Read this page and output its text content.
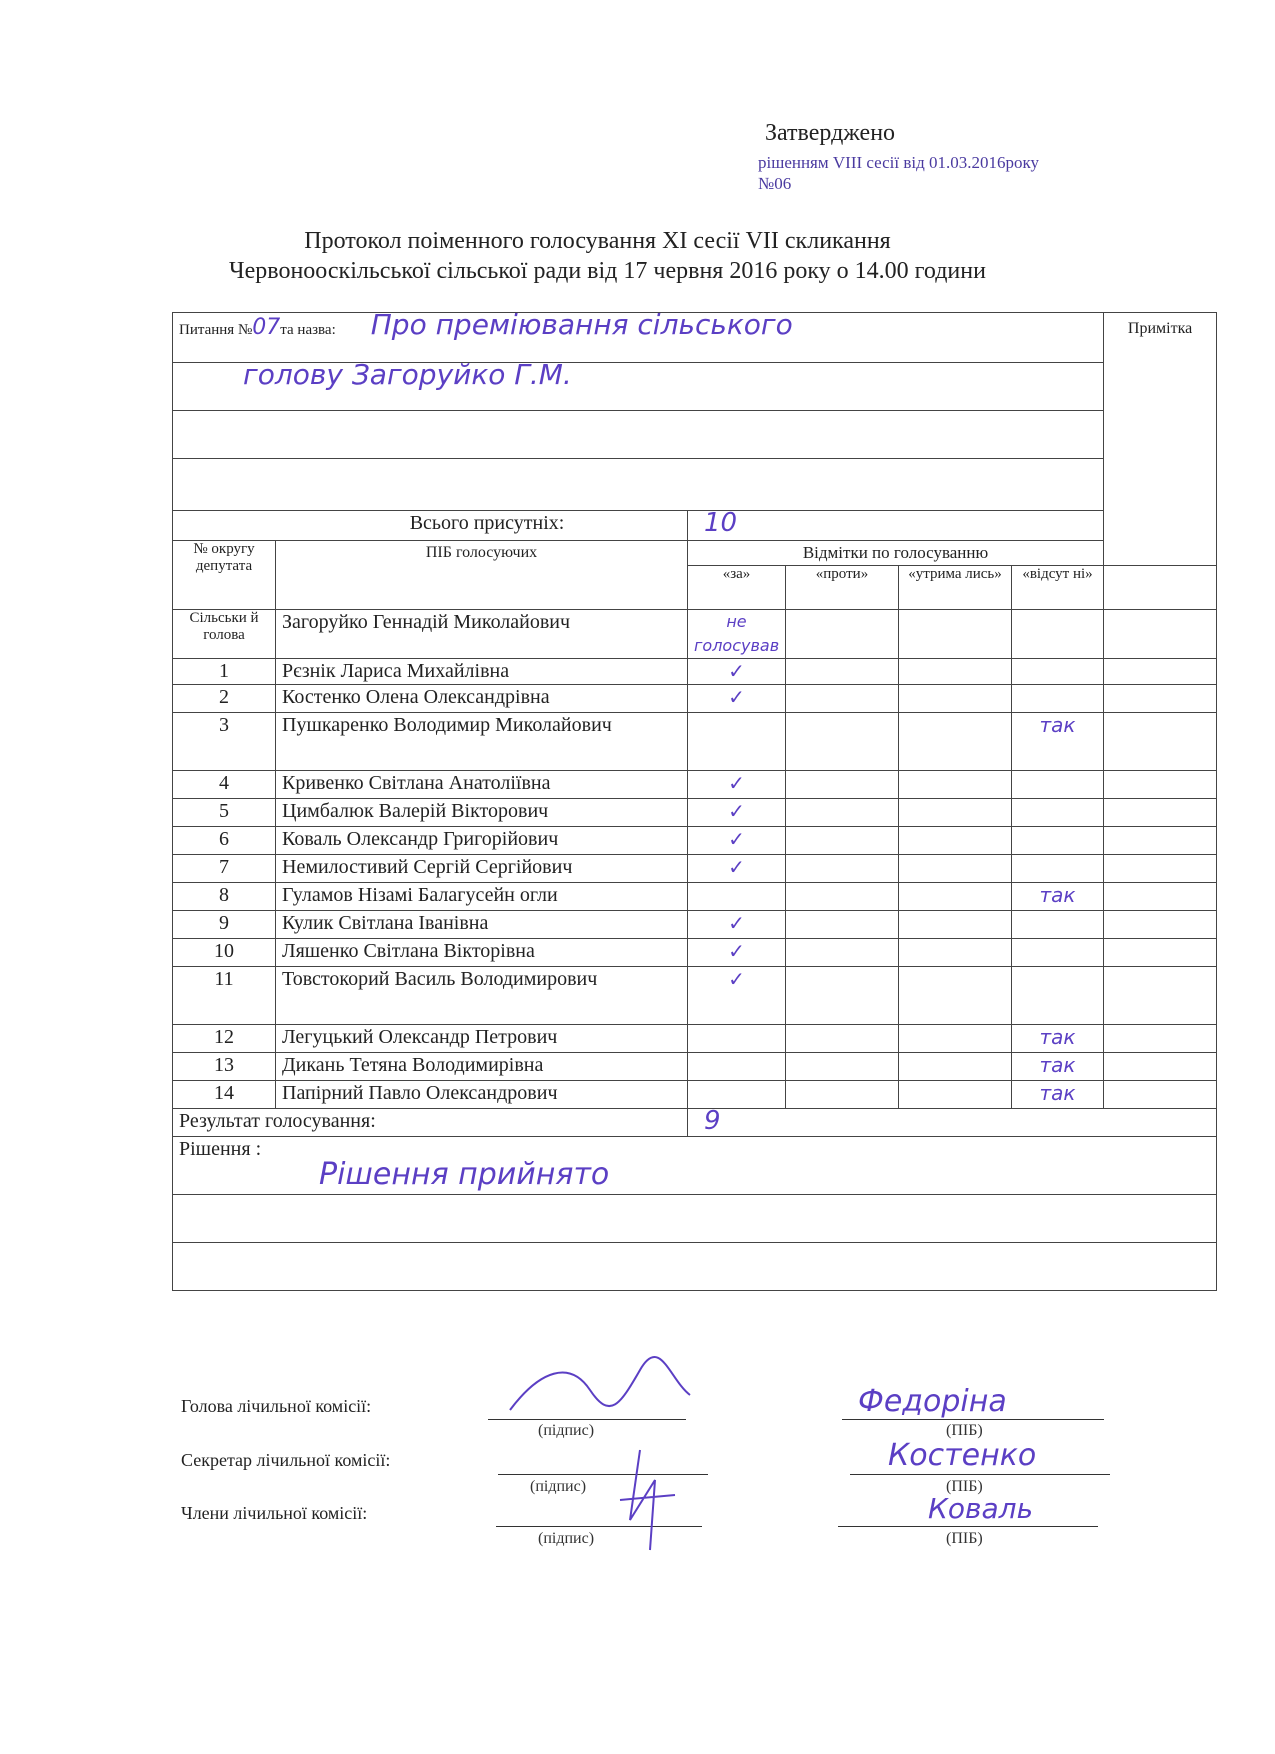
Затверджено
рішенням VIII сесії від 01.03.2016року
№06
Протокол поіменного голосування XI сесії VII скликання
Червонооскільської сільської ради від 17 червня 2016 року о 14.00 години
Питання №07та назва: Про преміювання сільського						Примітка
голову Загоруйко Г.М.						

Всього присутніх:		10				
№ округу депутата	ПІБ голосуючих	Відмітки по голосуванню				
		«за»	«проти»	«утрима лись»	«відсут ні»	
Сільськи й голова	Загоруйко Геннадій Миколайович	не голосував				
1	Рєзнік Лариса Михайлівна	✓				
2	Костенко Олена Олександрівна	✓				
3	Пушкаренко Володимир Миколайович				так	
4	Кривенко Світлана Анатоліївна	✓				
5	Цимбалюк Валерій Вікторович	✓				
6	Коваль Олександр Григорійович	✓				
7	Немилостивий Сергій Сергійович	✓				
8	Гуламов Нізамі Балагусейн огли				так	
9	Кулик Світлана Іванівна	✓				
10	Ляшенко Світлана Вікторівна	✓				
11	Товстокорий Василь Володимирович	✓				
12	Легуцький Олександр Петрович				так	
13	Дикань Тетяна Володимирівна				так	
14	Папірний Павло Олександрович				так	
Результат голосування:		9				
Рішення :
Рішення прийнято						

Голова лічильної комісії:
(підпис)
Федоріна
(ПІБ)
Секретар лічильної комісії:
(підпис)
Костенко
(ПІБ)
Члени лічильної комісії:
(підпис)
Коваль
(ПІБ)
